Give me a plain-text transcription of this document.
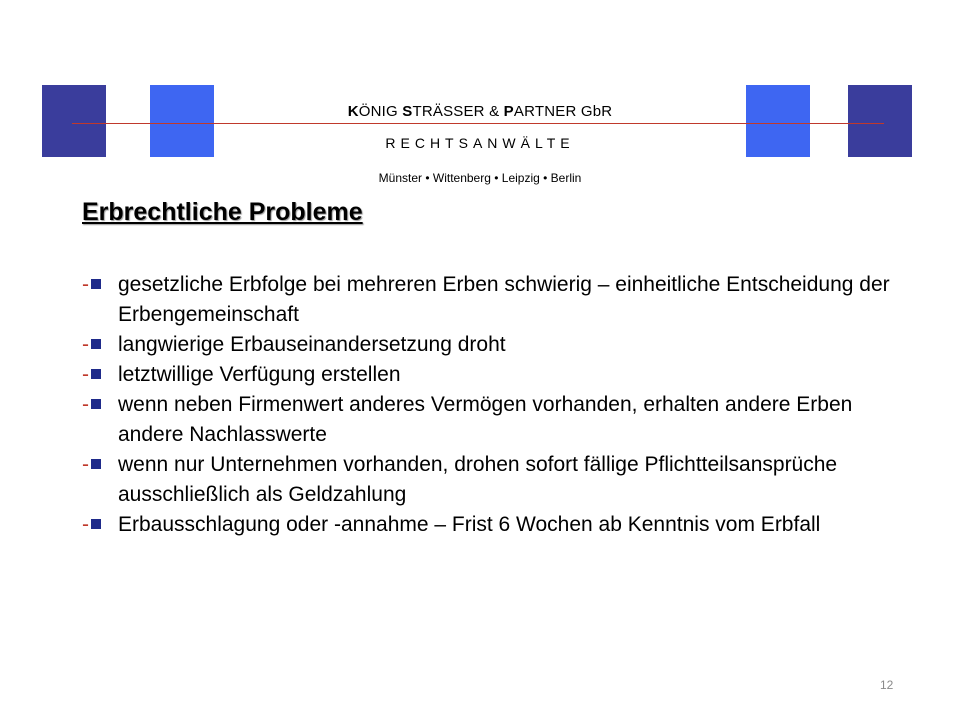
KÖNIG STRÄSSER & PARTNER GbR
RECHTSANWÄLTE
Münster • Wittenberg • Leipzig • Berlin
Erbrechtliche Probleme
-	gesetzliche Erbfolge bei mehreren Erben schwierig – einheitliche Entscheidung der Erbengemeinschaft
-	langwierige Erbauseinandersetzung droht
-	letztwillige Verfügung erstellen
-	wenn neben Firmenwert anderes Vermögen vorhanden, erhalten andere Erben andere Nachlasswerte
-	wenn nur Unternehmen vorhanden, drohen sofort fällige Pflichtteilsansprüche ausschließlich als Geldzahlung
-	Erbausschlagung oder -annahme – Frist 6 Wochen ab Kenntnis vom Erbfall
12
